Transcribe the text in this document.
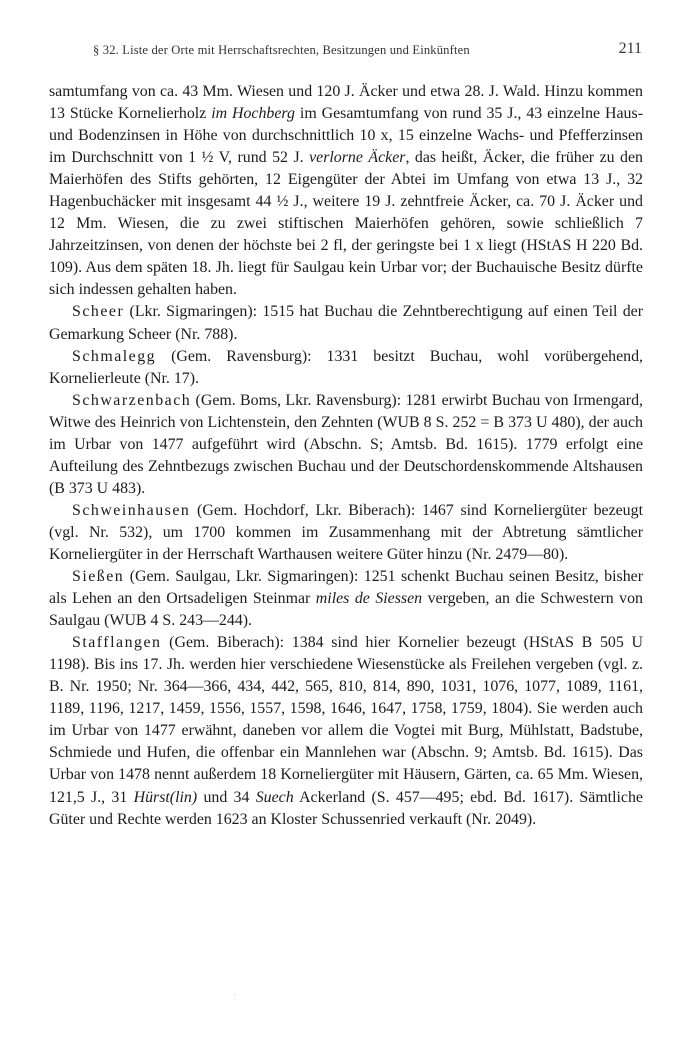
§ 32. Liste der Orte mit Herrschaftsrechten, Besitzungen und Einkünften	211

samtumfang von ca. 43 Mm. Wiesen und 120 J. Äcker und etwa 28. J. Wald. Hinzu kommen 13 Stücke Kornelierholz im Hochberg im Gesamtumfang von rund 35 J., 43 einzelne Haus- und Bodenzinsen in Höhe von durchschnittlich 10 x, 15 einzelne Wachs- und Pfefferzinsen im Durchschnitt von 1 ½ V, rund 52 J. verlorne Äcker, das heißt, Äcker, die früher zu den Maierhöfen des Stifts gehörten, 12 Eigengüter der Abtei im Umfang von etwa 13 J., 32 Hagenbuchäcker mit insgesamt 44 ½ J., weitere 19 J. zehntfreie Äcker, ca. 70 J. Äcker und 12 Mm. Wiesen, die zu zwei stiftischen Maierhöfen gehören, sowie schließlich 7 Jahrzeitzinsen, von denen der höchste bei 2 fl, der geringste bei 1 x liegt (HStAS H 220 Bd. 109). Aus dem späten 18. Jh. liegt für Saulgau kein Urbar vor; der Buchauische Besitz dürfte sich indessen gehalten haben.

Scheer (Lkr. Sigmaringen): 1515 hat Buchau die Zehntberechtigung auf einen Teil der Gemarkung Scheer (Nr. 788).

Schmalegg (Gem. Ravensburg): 1331 besitzt Buchau, wohl vorübergehend, Kornelierleute (Nr. 17).

Schwarzenbach (Gem. Boms, Lkr. Ravensburg): 1281 erwirbt Buchau von Irmengard, Witwe des Heinrich von Lichtenstein, den Zehnten (WUB 8 S. 252 = B 373 U 480), der auch im Urbar von 1477 aufgeführt wird (Abschn. S; Amtsb. Bd. 1615). 1779 erfolgt eine Aufteilung des Zehntbezugs zwischen Buchau und der Deutschordenskommende Altshausen (B 373 U 483).

Schweinhausen (Gem. Hochdorf, Lkr. Biberach): 1467 sind Korneliergüter bezeugt (vgl. Nr. 532), um 1700 kommen im Zusammenhang mit der Abtretung sämtlicher Korneliergüter in der Herrschaft Warthausen weitere Güter hinzu (Nr. 2479—80).

Sießen (Gem. Saulgau, Lkr. Sigmaringen): 1251 schenkt Buchau seinen Besitz, bisher als Lehen an den Ortsadeligen Steinmar miles de Siessen vergeben, an die Schwestern von Saulgau (WUB 4 S. 243—244).

Stafflangen (Gem. Biberach): 1384 sind hier Kornelier bezeugt (HStAS B 505 U 1198). Bis ins 17. Jh. werden hier verschiedene Wiesenstücke als Freilehen vergeben (vgl. z. B. Nr. 1950; Nr. 364—366, 434, 442, 565, 810, 814, 890, 1031, 1076, 1077, 1089, 1161, 1189, 1196, 1217, 1459, 1556, 1557, 1598, 1646, 1647, 1758, 1759, 1804). Sie werden auch im Urbar von 1477 erwähnt, daneben vor allem die Vogtei mit Burg, Mühlstatt, Badstube, Schmiede und Hufen, die offenbar ein Mannlehen war (Abschn. 9; Amtsb. Bd. 1615). Das Urbar von 1478 nennt außerdem 18 Korneliergüter mit Häusern, Gärten, ca. 65 Mm. Wiesen, 121,5 J., 31 Hürst(lin) und 34 Suech Ackerland (S. 457—495; ebd. Bd. 1617). Sämtliche Güter und Rechte werden 1623 an Kloster Schussenried verkauft (Nr. 2049).

'
